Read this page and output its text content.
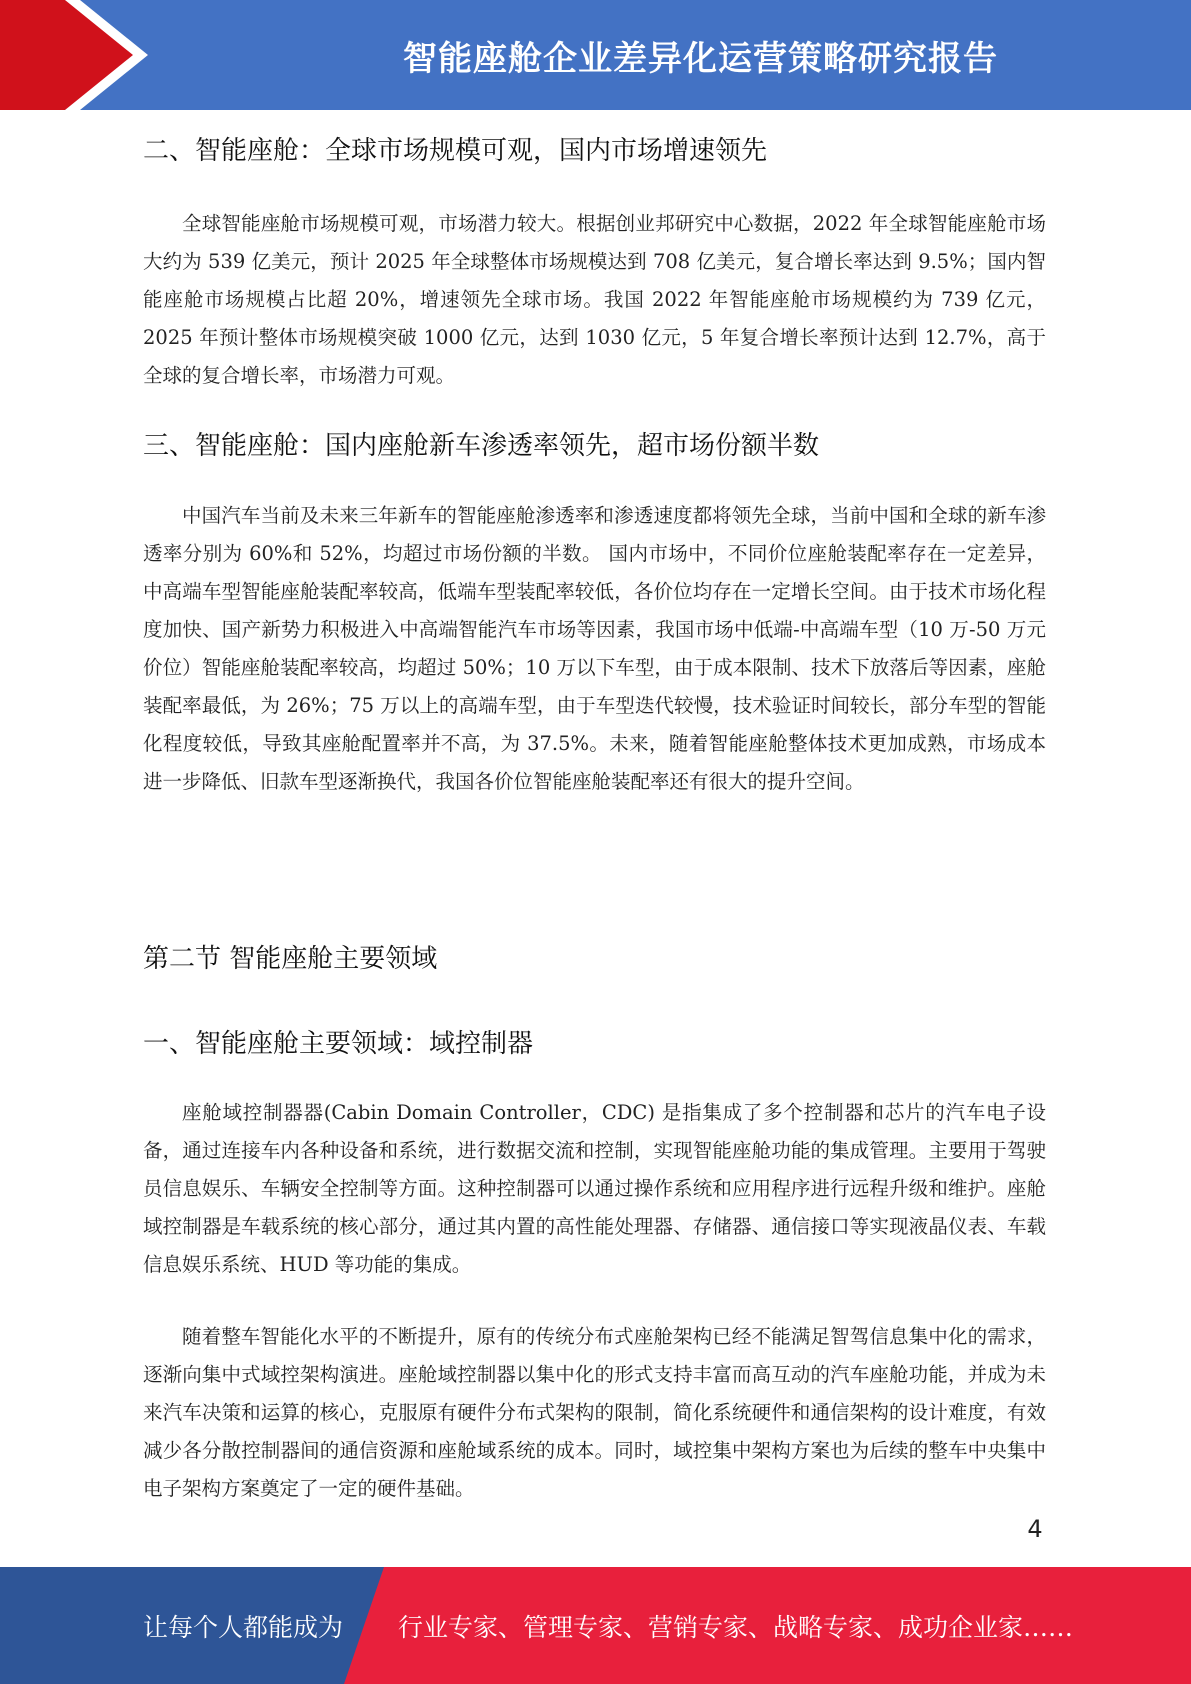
智能座舱企业差异化运营策略研究报告
二、智能座舱：全球市场规模可观，国内市场增速领先

全球智能座舱市场规模可观，市场潜力较大。根据创业邦研究中心数据，2022 年全球智能座舱市场大约为 539 亿美元，预计 2025 年全球整体市场规模达到 708 亿美元，复合增长率达到 9.5%；国内智能座舱市场规模占比超 20%，增速领先全球市场。我国 2022 年智能座舱市场规模约为 739 亿元，2025 年预计整体市场规模突破 1000 亿元，达到 1030 亿元，5 年复合增长率预计达到 12.7%，高于全球的复合增长率，市场潜力可观。

三、智能座舱：国内座舱新车渗透率领先，超市场份额半数

中国汽车当前及未来三年新车的智能座舱渗透率和渗透速度都将领先全球，当前中国和全球的新车渗透率分别为 60%和 52%，均超过市场份额的半数。 国内市场中，不同价位座舱装配率存在一定差异，中高端车型智能座舱装配率较高，低端车型装配率较低，各价位均存在一定增长空间。由于技术市场化程度加快、国产新势力积极进入中高端智能汽车市场等因素，我国市场中低端-中高端车型（10 万-50 万元价位）智能座舱装配率较高，均超过 50%；10 万以下车型，由于成本限制、技术下放落后等因素，座舱装配率最低，为 26%；75 万以上的高端车型，由于车型迭代较慢，技术验证时间较长，部分车型的智能化程度较低，导致其座舱配置率并不高，为 37.5%。未来，随着智能座舱整体技术更加成熟，市场成本进一步降低、旧款车型逐渐换代，我国各价位智能座舱装配率还有很大的提升空间。

第二节 智能座舱主要领域
一、智能座舱主要领域：域控制器

座舱域控制器器(Cabin Domain Controller，CDC) 是指集成了多个控制器和芯片的汽车电子设备，通过连接车内各种设备和系统，进行数据交流和控制，实现智能座舱功能的集成管理。主要用于驾驶员信息娱乐、车辆安全控制等方面。这种控制器可以通过操作系统和应用程序进行远程升级和维护。座舱域控制器是车载系统的核心部分，通过其内置的高性能处理器、存储器、通信接口等实现液晶仪表、车载信息娱乐系统、HUD 等功能的集成。

随着整车智能化水平的不断提升，原有的传统分布式座舱架构已经不能满足智驾信息集中化的需求，逐渐向集中式域控架构演进。座舱域控制器以集中化的形式支持丰富而高互动的汽车座舱功能，并成为未来汽车决策和运算的核心，克服原有硬件分布式架构的限制，简化系统硬件和通信架构的设计难度，有效减少各分散控制器间的通信资源和座舱域系统的成本。同时，域控集中架构方案也为后续的整车中央集中电子架构方案奠定了一定的硬件基础。

4
让每个人都能成为 行业专家、管理专家、营销专家、战略专家、成功企业家……
